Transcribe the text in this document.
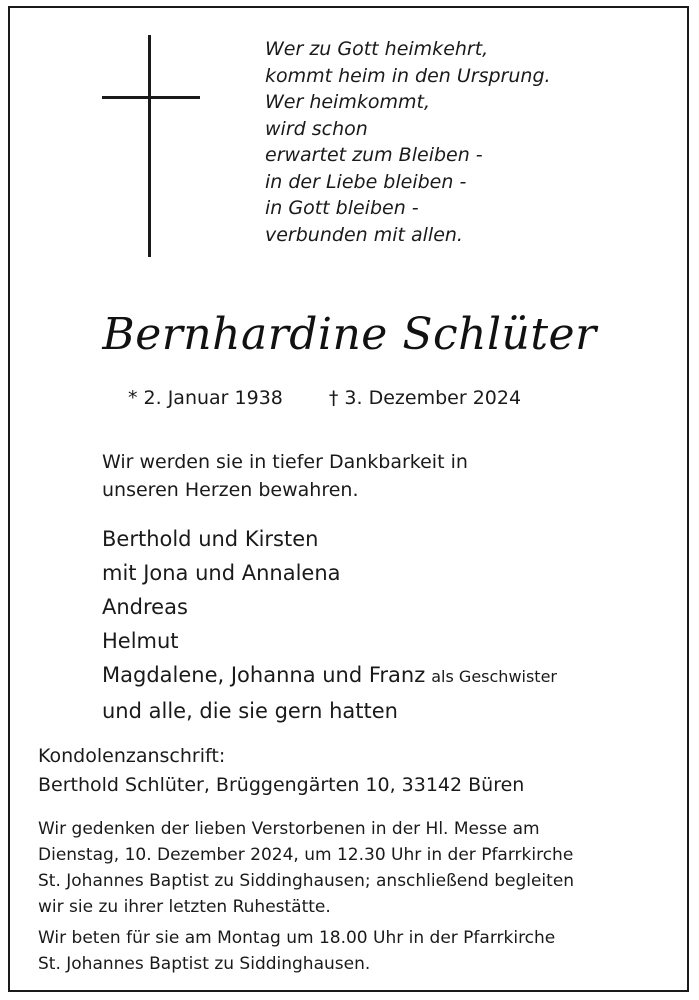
Wer zu Gott heimkehrt,
kommt heim in den Ursprung.
Wer heimkommt,
wird schon
erwartet zum Bleiben -
in der Liebe bleiben -
in Gott bleiben -
verbunden mit allen.
Bernhardine Schlüter
* 2. Januar 1938 † 3. Dezember 2024
Wir werden sie in tiefer Dankbarkeit in
unseren Herzen bewahren.
Berthold und Kirsten
mit Jona und Annalena
Andreas
Helmut
Magdalene, Johanna und Franz als Geschwister
und alle, die sie gern hatten
Kondolenzanschrift:
Berthold Schlüter, Brüggengärten 10, 33142 Büren
Wir gedenken der lieben Verstorbenen in der Hl. Messe am
Dienstag, 10. Dezember 2024, um 12.30 Uhr in der Pfarrkirche
St. Johannes Baptist zu Siddinghausen; anschließend begleiten
wir sie zu ihrer letzten Ruhestätte.
Wir beten für sie am Montag um 18.00 Uhr in der Pfarrkirche
St. Johannes Baptist zu Siddinghausen.
